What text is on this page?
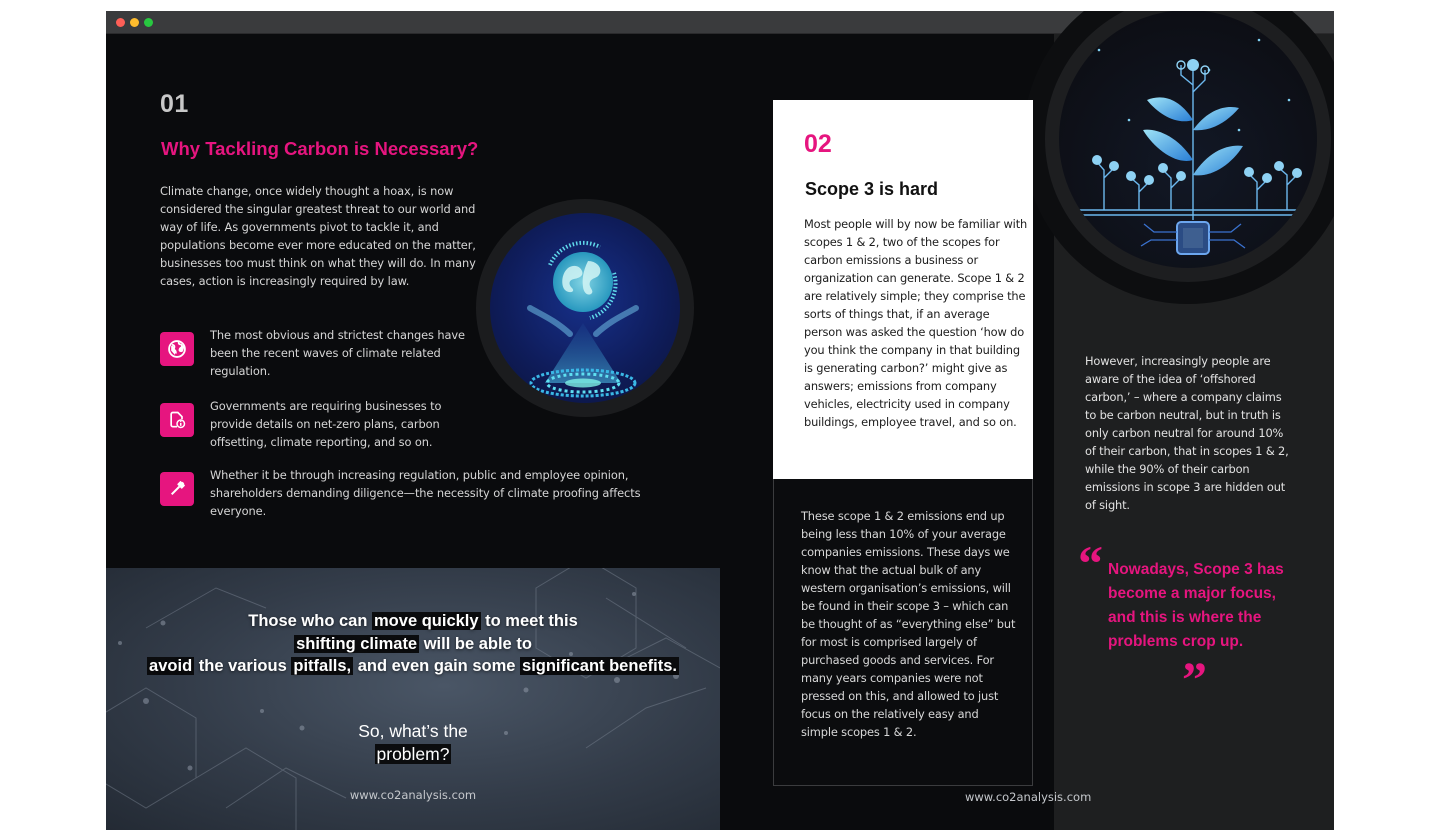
01
Why Tackling Carbon is Necessary?

Climate change, once widely thought a hoax, is now considered the singular greatest threat to our world and way of life. As governments pivot to tackle it, and populations become ever more educated on the matter, businesses too must think on what they will do. In many cases, action is increasingly required by law.

The most obvious and strictest changes have been the recent waves of climate related regulation.

Governments are requiring businesses to provide details on net-zero plans, carbon offsetting, climate reporting, and so on.

Whether it be through increasing regulation, public and employee opinion, shareholders demanding diligence—the necessity of climate proofing affects everyone.

Those who can move quickly to meet this
shifting climate will be able to
avoid the various pitfalls, and even gain some significant benefits.
So, what’s the
problem?
www.co2analysis.com
02
Scope 3 is hard

Most people will by now be familiar with scopes 1 & 2, two of the scopes for carbon emissions a business or organization can generate. Scope 1 & 2 are relatively simple; they comprise the sorts of things that, if an average person was asked the question ‘how do you think the company in that building is generating carbon?’ might give as answers; emissions from company vehicles, electricity used in company buildings, employee travel, and so on.

These scope 1 & 2 emissions end up being less than 10% of your average companies emissions. These days we know that the actual bulk of any western organisation’s emissions, will be found in their scope 3 – which can be thought of as “everything else” but for most is comprised largely of purchased goods and services. For many years companies were not pressed on this, and allowed to just focus on the relatively easy and simple scopes 1 & 2.

However, increasingly people are aware of the idea of ‘offshored carbon,’ – where a company claims to be carbon neutral, but in truth is only carbon neutral for around 10% of their carbon, that in scopes 1 & 2, while the 90% of their carbon emissions in scope 3 are hidden out of sight.

“ Nowadays, Scope 3 has become a major focus, and this is where the problems crop up.

”
www.co2analysis.com
